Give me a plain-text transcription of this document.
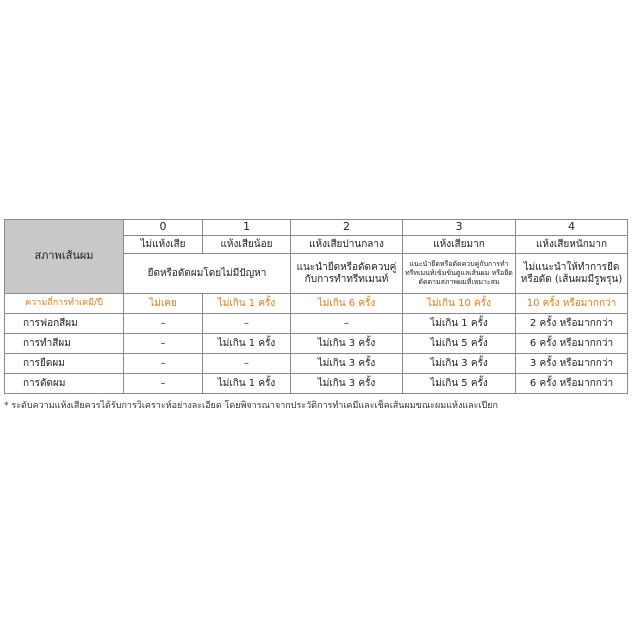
สภาพเส้นผม	0	1	2	3	4
	ไม่แห้งเสีย	แห้งเสียน้อย	แห้งเสียปานกลาง	แห้งเสียมาก	แห้งเสียหนักมาก
	ยืดหรือดัดผมโดยไม่มีปัญหา		แนะนำยืดหรือดัดควบคู่กับการทำทรีทเมนท์	แนะนำยืดหรือดัดควบคู่กับการทำทรีทเมนท์เข้มข้นดูแลเส้นผม หรือยืดดัดตามสภาพผมที่เหมาะสม	ไม่แนะนำให้ทำการยืดหรือดัด (เส้นผมมีรูพรุน)
ความถี่การทำเคมี/ปี	ไม่เคย	ไม่เกิน 1 ครั้ง	ไม่เกิน 6 ครั้ง	ไม่เกิน 10 ครั้ง	10 ครั้ง หรือมากกว่า
การฟอกสีผม	–	–	–	ไม่เกิน 1 ครั้ง	2 ครั้ง หรือมากกว่า
การทำสีผม	–	ไม่เกิน 1 ครั้ง	ไม่เกิน 3 ครั้ง	ไม่เกิน 5 ครั้ง	6 ครั้ง หรือมากกว่า
การยืดผม	–	–	ไม่เกิน 3 ครั้ง	ไม่เกิน 3 ครั้ง	3 ครั้ง หรือมากกว่า
การดัดผม	–	ไม่เกิน 1 ครั้ง	ไม่เกิน 3 ครั้ง	ไม่เกิน 5 ครั้ง	6 ครั้ง หรือมากกว่า
* ระดับความแห้งเสียควรได้รับการวิเคราะห์อย่างละเอียด โดยพิจารณาจากประวัติการทำเคมีและเช็คเส้นผมขณะผมแห้งและเปียก
